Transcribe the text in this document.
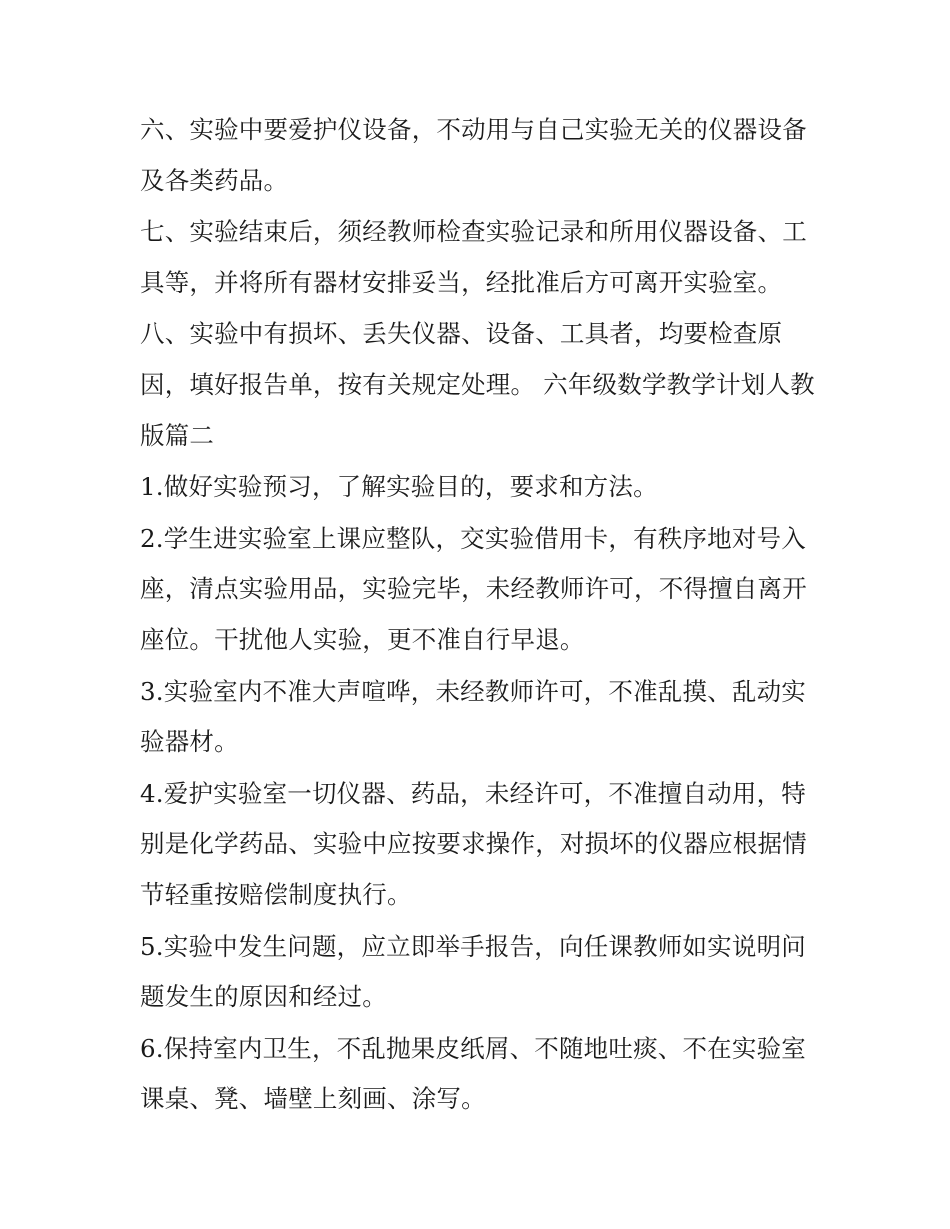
六、实验中要爱护仪设备，不动用与自己实验无关的仪器设备及各类药品。

七、实验结束后，须经教师检查实验记录和所用仪器设备、工具等，并将所有器材安排妥当，经批准后方可离开实验室。

八、实验中有损坏、丢失仪器、设备、工具者，均要检查原因，填好报告单，按有关规定处理。 六年级数学教学计划人教版篇二

1.做好实验预习，了解实验目的，要求和方法。

2.学生进实验室上课应整队，交实验借用卡，有秩序地对号入座，清点实验用品，实验完毕，未经教师许可，不得擅自离开座位。干扰他人实验，更不准自行早退。

3.实验室内不准大声喧哗，未经教师许可，不准乱摸、乱动实验器材。

4.爱护实验室一切仪器、药品，未经许可，不准擅自动用，特别是化学药品、实验中应按要求操作，对损坏的仪器应根据情节轻重按赔偿制度执行。

5.实验中发生问题，应立即举手报告，向任课教师如实说明问题发生的原因和经过。

6.保持室内卫生，不乱抛果皮纸屑、不随地吐痰、不在实验室课桌、凳、墙壁上刻画、涂写。
